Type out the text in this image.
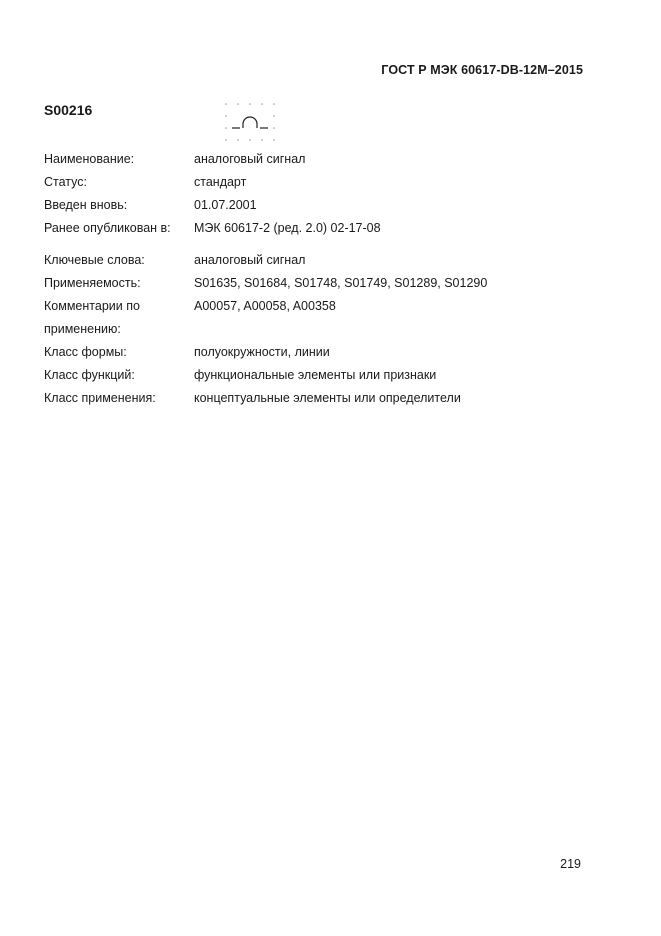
ГОСТ Р МЭК 60617-DB-12М–2015
S00216
Наименование:	аналоговый сигнал
Статус:	стандарт
Введен вновь:	01.07.2001
Ранее опубликован в:	МЭК 60617-2 (ред. 2.0) 02-17-08
Ключевые слова:	аналоговый сигнал
Применяемость:	S01635, S01684, S01748, S01749, S01289, S01290
Комментарии по	A00057, A00058, A00358
применению:
Класс формы:	полуокружности, линии
Класс функций:	функциональные элементы или признаки
Класс применения:	концептуальные элементы или определители
219
